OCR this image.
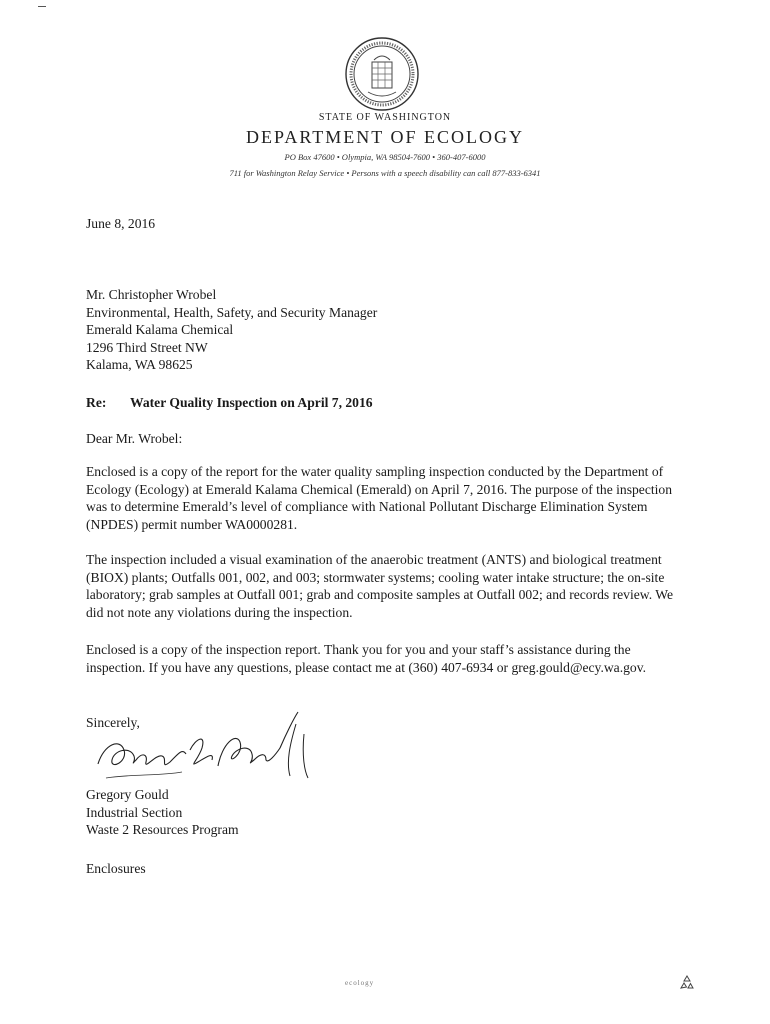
STATE OF WASHINGTON
DEPARTMENT OF ECOLOGY
PO Box 47600 • Olympia, WA 98504-7600 • 360-407-6000
711 for Washington Relay Service • Persons with a speech disability can call 877-833-6341
June 8, 2016
Mr. Christopher Wrobel
Environmental, Health, Safety, and Security Manager
Emerald Kalama Chemical
1296 Third Street NW
Kalama, WA 98625
Re: Water Quality Inspection on April 7, 2016
Dear Mr. Wrobel:

Enclosed is a copy of the report for the water quality sampling inspection conducted by the Department of Ecology (Ecology) at Emerald Kalama Chemical (Emerald) on April 7, 2016. The purpose of the inspection was to determine Emerald’s level of compliance with National Pollutant Discharge Elimination System (NPDES) permit number WA0000281.

The inspection included a visual examination of the anaerobic treatment (ANTS) and biological treatment (BIOX) plants; Outfalls 001, 002, and 003; stormwater systems; cooling water intake structure; the on-site laboratory; grab samples at Outfall 001; grab and composite samples at Outfall 002; and records review. We did not note any violations during the inspection.

Enclosed is a copy of the inspection report. Thank you for you and your staff’s assistance during the inspection. If you have any questions, please contact me at (360) 407-6934 or greg.gould@ecy.wa.gov.

Sincerely,
Gregory Gould
Industrial Section
Waste 2 Resources Program
Enclosures
ecology
